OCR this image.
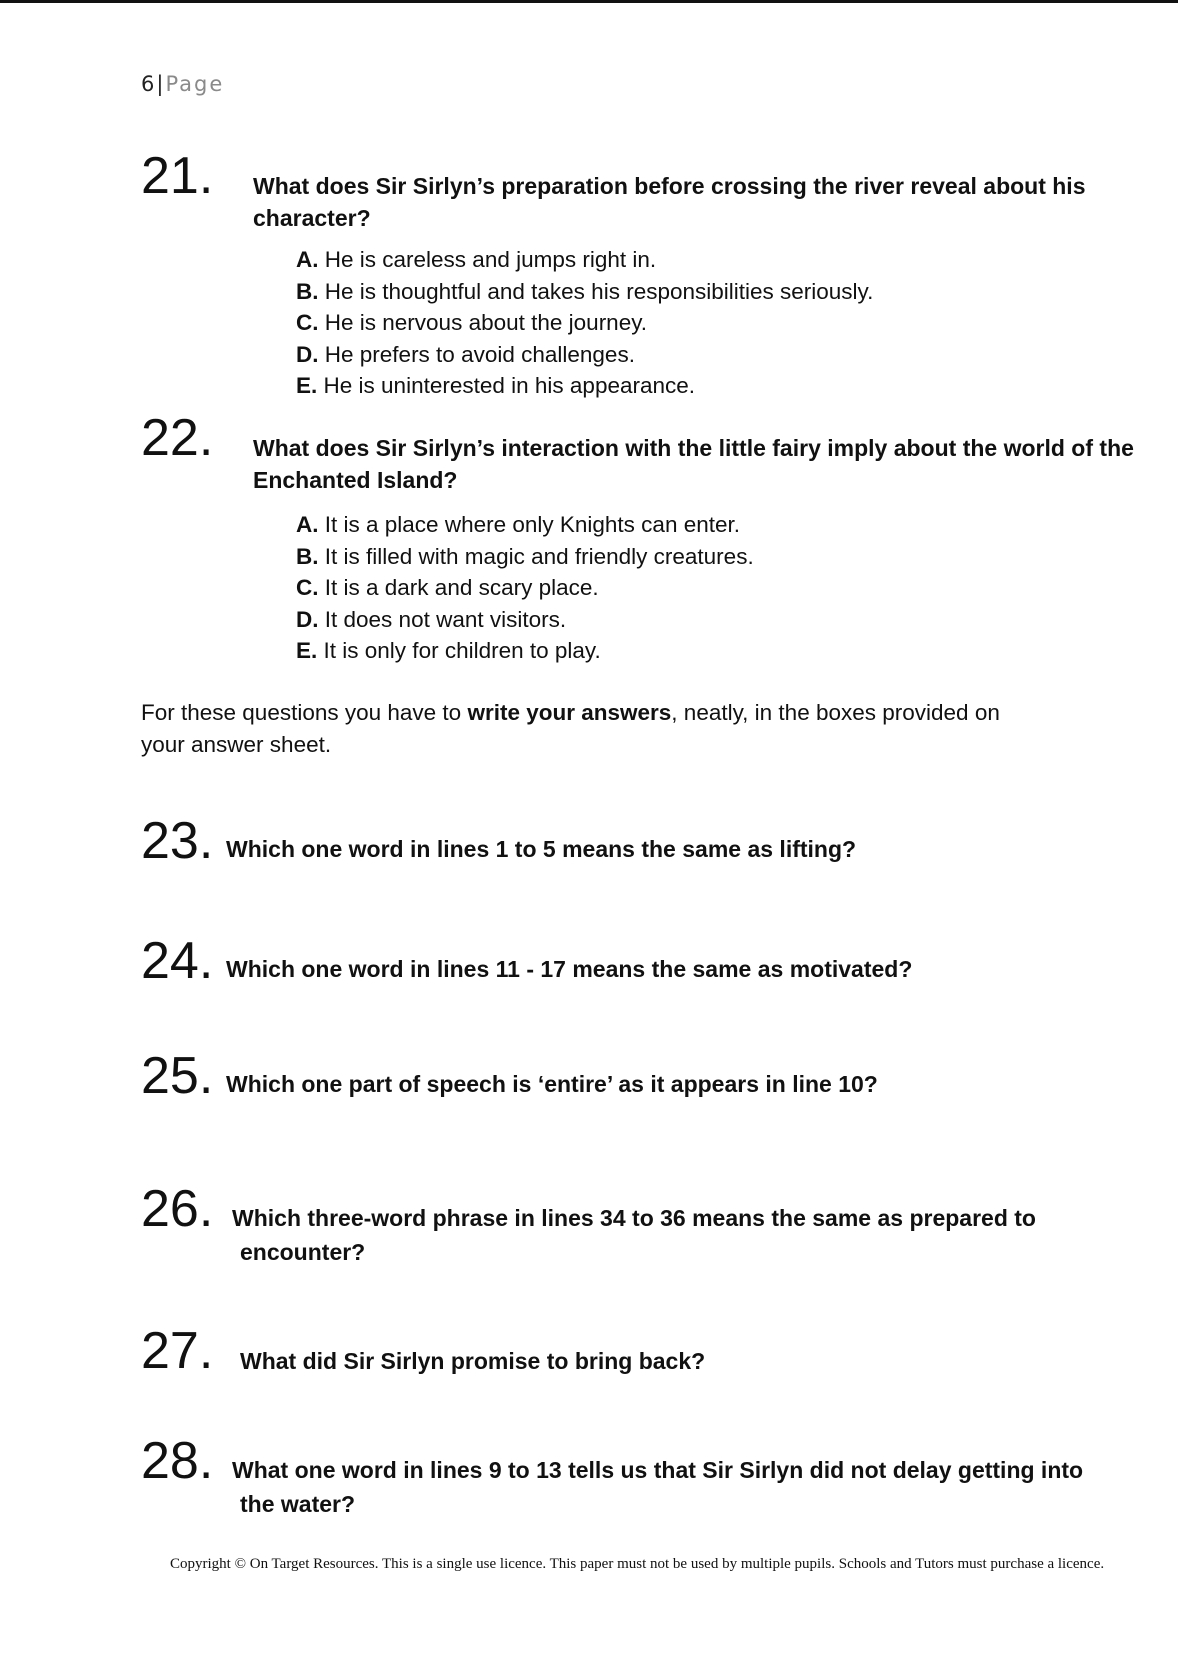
6|Page
21. What does Sir Sirlyn’s preparation before crossing the river reveal about his character?
A. He is careless and jumps right in.
B. He is thoughtful and takes his responsibilities seriously.
C. He is nervous about the journey.
D. He prefers to avoid challenges.
E. He is uninterested in his appearance.
22. What does Sir Sirlyn’s interaction with the little fairy imply about the world of the Enchanted Island?
A. It is a place where only Knights can enter.
B. It is filled with magic and friendly creatures.
C. It is a dark and scary place.
D. It does not want visitors.
E. It is only for children to play.
For these questions you have to write your answers, neatly, in the boxes provided on your answer sheet.
23. Which one word in lines 1 to 5 means the same as lifting?
24. Which one word in lines 11 - 17 means the same as motivated?
25. Which one part of speech is ‘entire’ as it appears in line 10?
26. Which three-word phrase in lines 34 to 36 means the same as prepared to encounter?
27. What did Sir Sirlyn promise to bring back?
28. What one word in lines 9 to 13 tells us that Sir Sirlyn did not delay getting into the water?
Copyright © On Target Resources. This is a single use licence. This paper must not be used by multiple pupils. Schools and Tutors must purchase a licence.
